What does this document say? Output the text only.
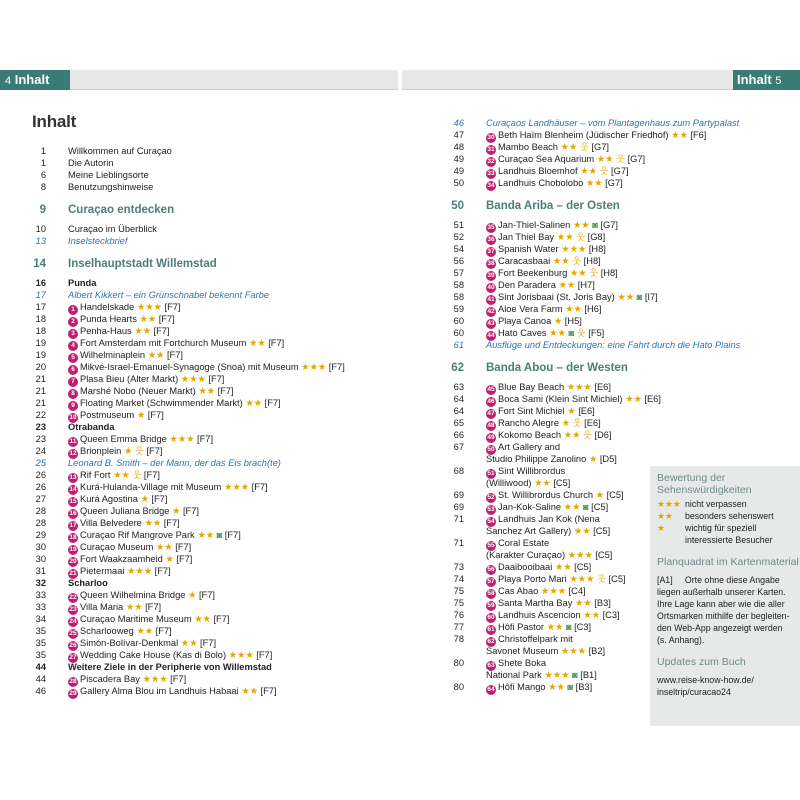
4 Inhalt	Inhalt 5
Inhalt
1 Willkommen auf Curaçao
1 Die Autorin
6 Meine Lieblingsorte
8 Benutzungshinweise
9 Curaçao entdecken
10 Curaçao im Überblick
13 Inselsteckbrief
14 Inselhauptstadt Willemstad
16 Punda
17 Albert Kikkert – ein Grünschnabel bekennt Farbe
17	1 Handelskade ★★★ [F7]
18	2 Punda Hearts ★★ [F7]
18	3 Penha-Haus ★★ [F7]
19	4 Fort Amsterdam mit Fortchurch Museum ★★ [F7]
19	5 Wilhelminaplein ★★ [F7]
20	6 Mikvé-Israel-Emanuel-Synagoge (Snoa) mit Museum ★★★ [F7]
21	7 Plasa Bieu (Alter Markt) ★★★ [F7]
21	8 Marshé Nobo (Neuer Markt) ★★ [F7]
21	9 Floating Market (Schwimmender Markt) ★★ [F7]
22	10 Postmuseum ★ [F7]
23 Otrabanda
23	11 Queen Emma Bridge ★★★ [F7]
24	12 Brionplein ★ 웃 [F7]
25 Leonard B. Smith – der Mann, der das Eis brach(te)
26	13 Rif Fort ★★ 웃 [F7]
26	14 Kurá-Hulanda-Village mit Museum ★★★ [F7]
27	15 Kurá Agostina ★ [F7]
28	16 Queen Juliana Bridge ★ [F7]
28	17 Villa Belvedere ★★ [F7]
29	18 Curaçao Rif Mangrove Park ★★ ◙ [F7]
30	19 Curaçao Museum ★★ [F7]
30	20 Fort Waakzaamheid ★ [F7]
31	21 Pietermaai ★★★ [F7]
32 Scharloo
33	22 Queen Wilhelmina Bridge ★ [F7]
33	23 Villa Maria ★★ [F7]
34	24 Curaçao Maritime Museum ★★ [F7]
35	25 Scharlooweg ★★ [F7]
35	26 Simón-Bolívar-Denkmal ★★ [F7]
35	27 Wedding Cake House (Kas di Bolo) ★★★ [F7]
44 Weitere Ziele in der Peripherie von Willemstad
44	28 Piscadera Bay ★★★ [F7]
46	29 Gallery Alma Blou im Landhuis Habaai ★★ [F7]
46 Curaçaos Landhäuser – vom Plantagenhaus zum Partypalast
47	30 Beth Haïm Blenheim (Jüdischer Friedhof) ★★ [F6]
48	31 Mambo Beach ★★ 웃 [G7]
49	32 Curaçao Sea Aquarium ★★ 웃 [G7]
49	33 Landhuis Bloemhof ★★ 웃 [G7]
50	34 Landhuis Chobolobo ★★ [G7]
50 Banda Ariba – der Osten
51	35 Jan-Thiel-Salinen ★★ ◙ [G7]
52	36 Jan Thiel Bay ★★ 웃 [G8]
54	37 Spanish Water ★★★ [H8]
56	38 Caracasbaai ★★ 웃 [H8]
57	39 Fort Beekenburg ★★ 웃 [H8]
58	40 Den Paradera ★★ [H7]
58	41 Sint Jorisbaai (St. Joris Bay) ★★ ◙ [I7]
59	42 Aloe Vera Farm ★★ [H6]
60	43 Playa Canoa ★ [H5]
60	44 Hato Caves ★★ ◙ 웃 [F5]
61 Ausflüge und Entdeckungen: eine Fahrt durch die Hato Plains
62 Banda Abou – der Westen
63	45 Blue Bay Beach ★★★ [E6]
64	46 Boca Sami (Klein Sint Michiel) ★★ [E6]
64	47 Fort Sint Michiel ★ [E6]
65	48 Rancho Alegre ★ 웃 [E6]
66	49 Kokomo Beach ★★ 웃 [D6]
67	50 Art Gallery and
Studio Philippe Zanolino ★ [D5]
68	51 Sint Willibrordus
(Williwood) ★★ [C5]
69	52 St. Willibrordus Church ★ [C5]
69	53 Jan-Kok-Saline ★★ ◙ [C5]
71	54 Landhuis Jan Kok (Nena
Sanchez Art Gallery) ★★ [C5]
71	55 Coral Estate
(Karakter Curaçao) ★★★ [C5]
73	56 Daaibooibaai ★★ [C5]
74	57 Playa Porto Mari ★★★ 웃 [C5]
75	58 Cas Abao ★★★ [C4]
75	59 Santa Martha Bay ★★ [B3]
76	60 Landhuis Ascencion ★★ [C3]
77	61 Hôfi Pastor ★★ ◙ [C3]
78	62 Christoffelpark mit
Savonet Museum ★★★ [B2]
80	63 Shete Boka
National Park ★★★ ◙ [B1]
80	64 Hôfi Mango ★★ ◙ [B3]
Bewertung der Sehenswürdigkeiten
★★★ nicht verpassen
★★ besonders sehenswert
★ wichtig für speziell
interessierte Besucher
Planquadrat im Kartenmaterial
[A1]     Orte ohne diese Angabe
liegen außerhalb unserer Karten.
Ihre Lage kann aber wie die aller
Ortsmarken mithilfe der begleiten-
den Web-App angezeigt werden
(s. Anhang).
Updates zum Buch
www.reise-know-how.de/
inseltrip/curacao24
